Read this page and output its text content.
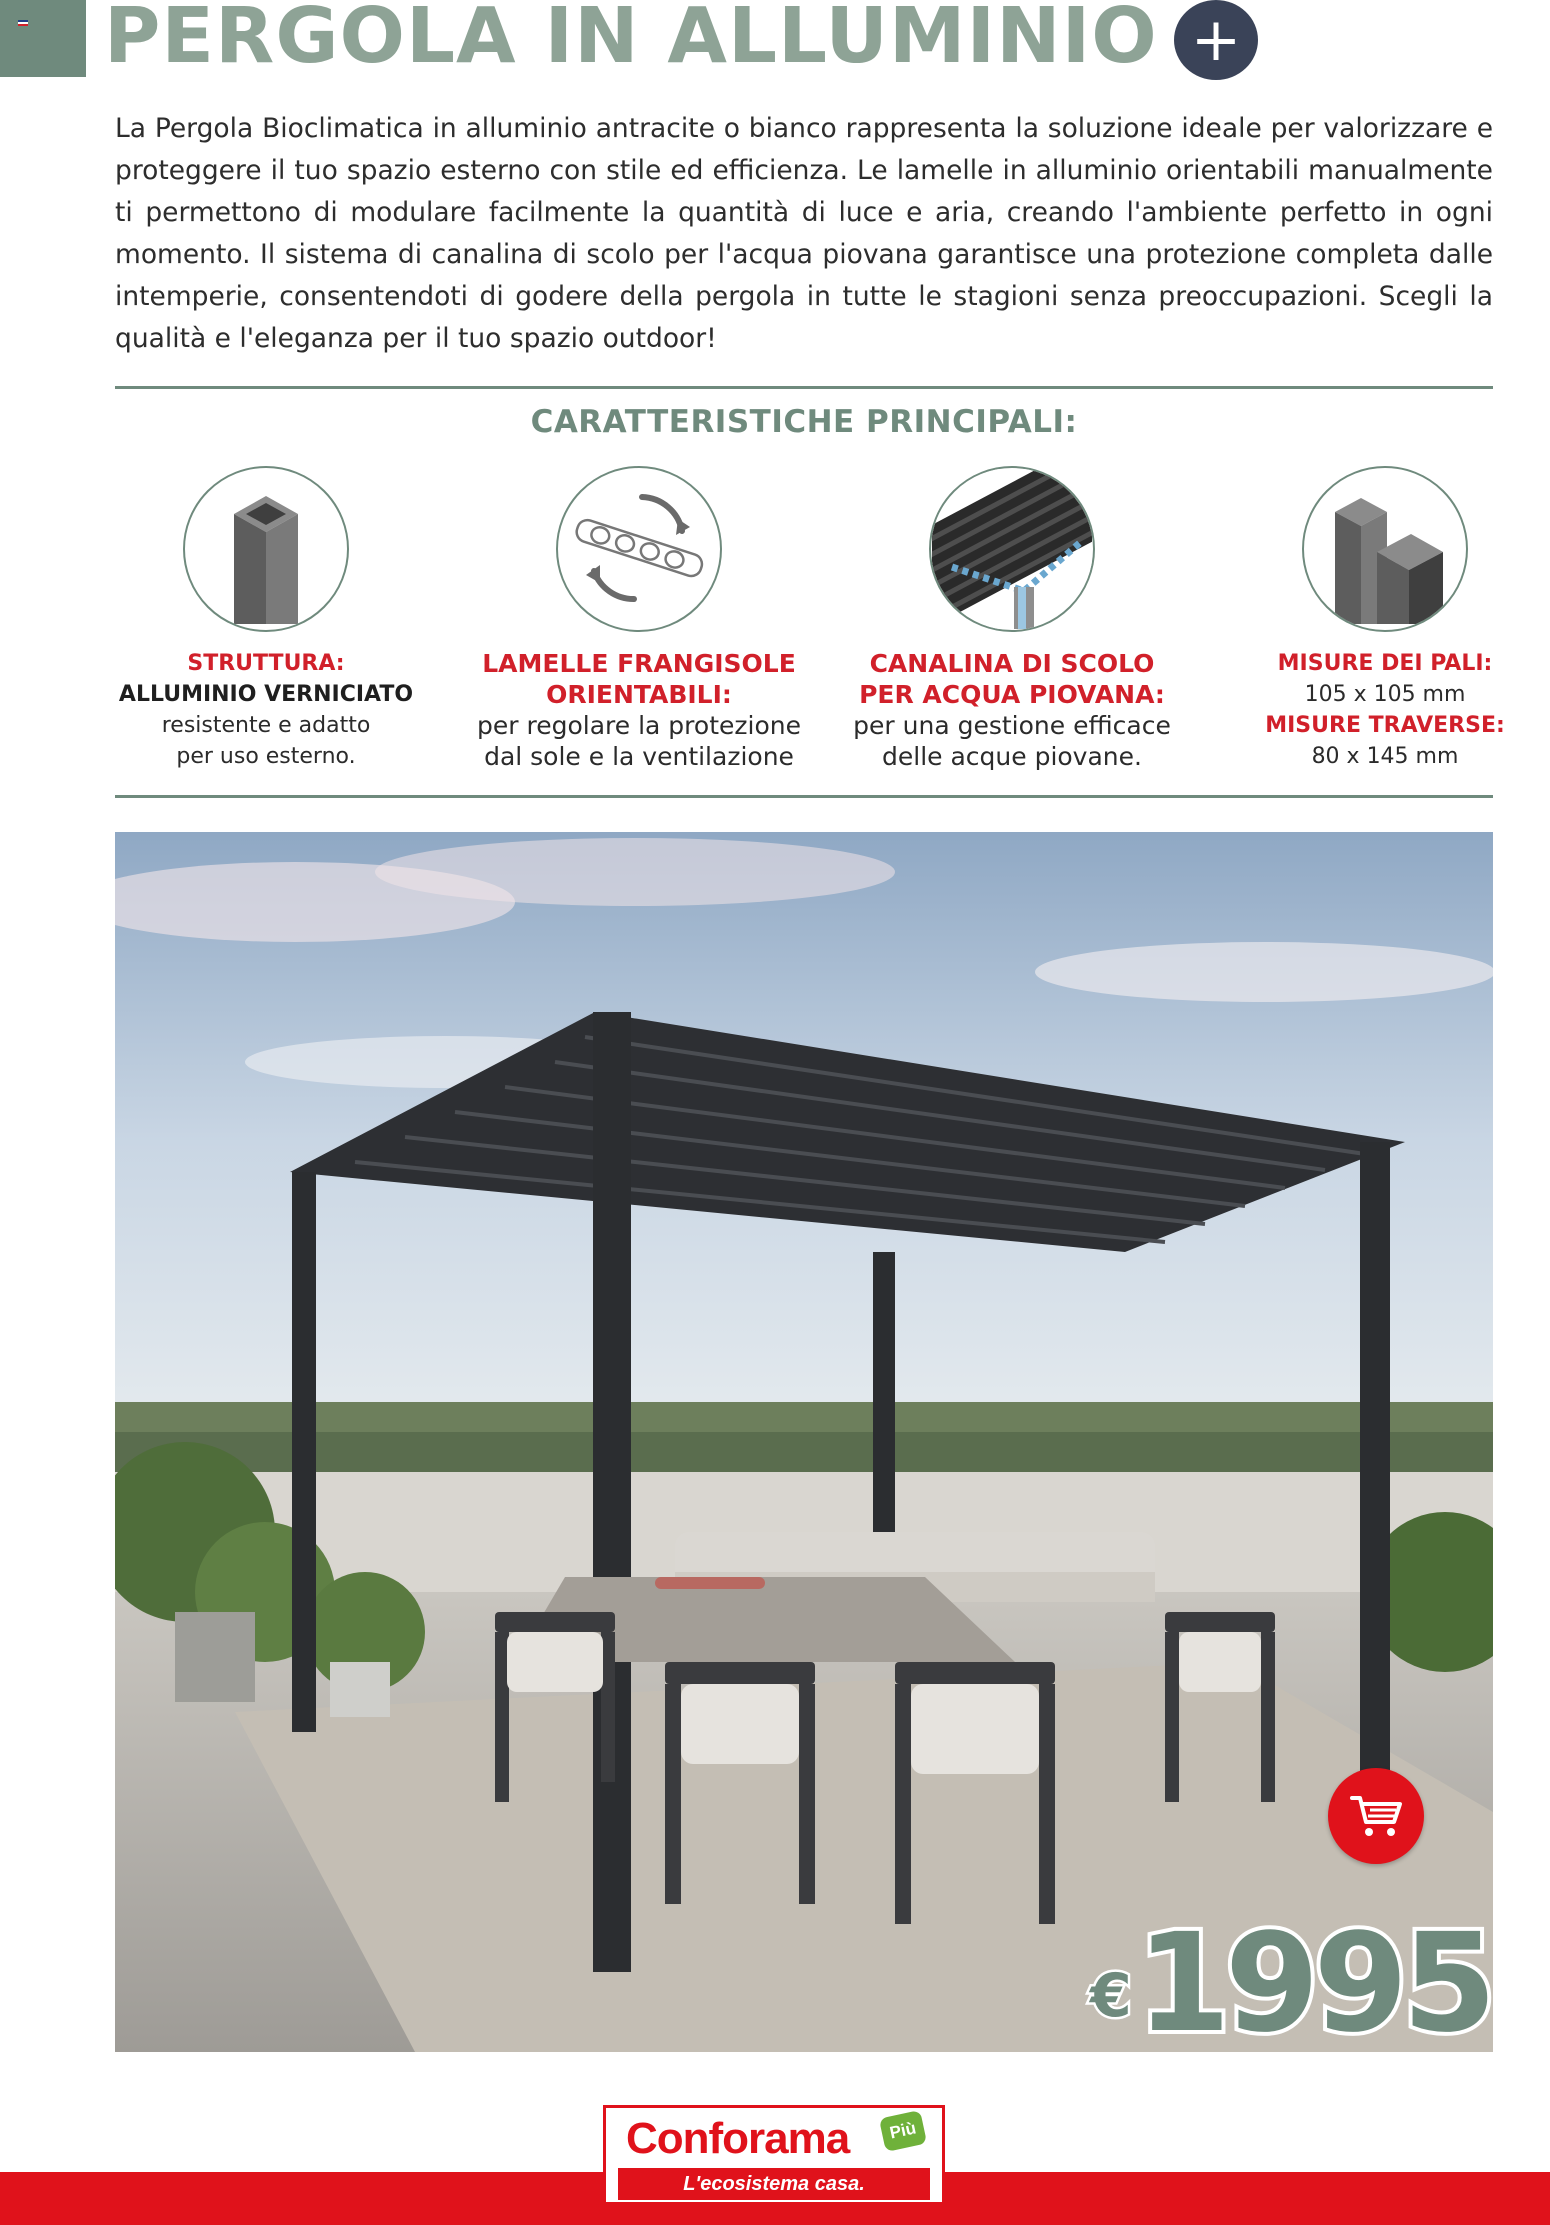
PERGOLA IN ALLUMINIO +

La Pergola Bioclimatica in alluminio antracite o bianco rappresenta la soluzione ideale per valorizzare e proteggere il tuo spazio esterno con stile ed efficienza. Le lamelle in alluminio orientabili manualmente ti permettono di modulare facilmente la quantità di luce e aria, creando l'ambiente perfetto in ogni momento. Il sistema di canalina di scolo per l'acqua piovana garantisce una protezione completa dalle intemperie, consentendoti di godere della pergola in tutte le stagioni senza preoccupazioni. Scegli la qualità e l'eleganza per il tuo spazio outdoor!

CARATTERISTICHE PRINCIPALI:
STRUTTURA:
ALLUMINIO VERNICIATO
resistente e adatto
per uso esterno.
LAMELLE FRANGISOLE
ORIENTABILI:
per regolare la protezione
dal sole e la ventilazione
CANALINA DI SCOLO
PER ACQUA PIOVANA:
per una gestione efficace
delle acque piovane.
MISURE DEI PALI:
105 x 105 mm
MISURE TRAVERSE:
80 x 145 mm
€ 1995
Conforama	Più
L'ecosistema casa.
